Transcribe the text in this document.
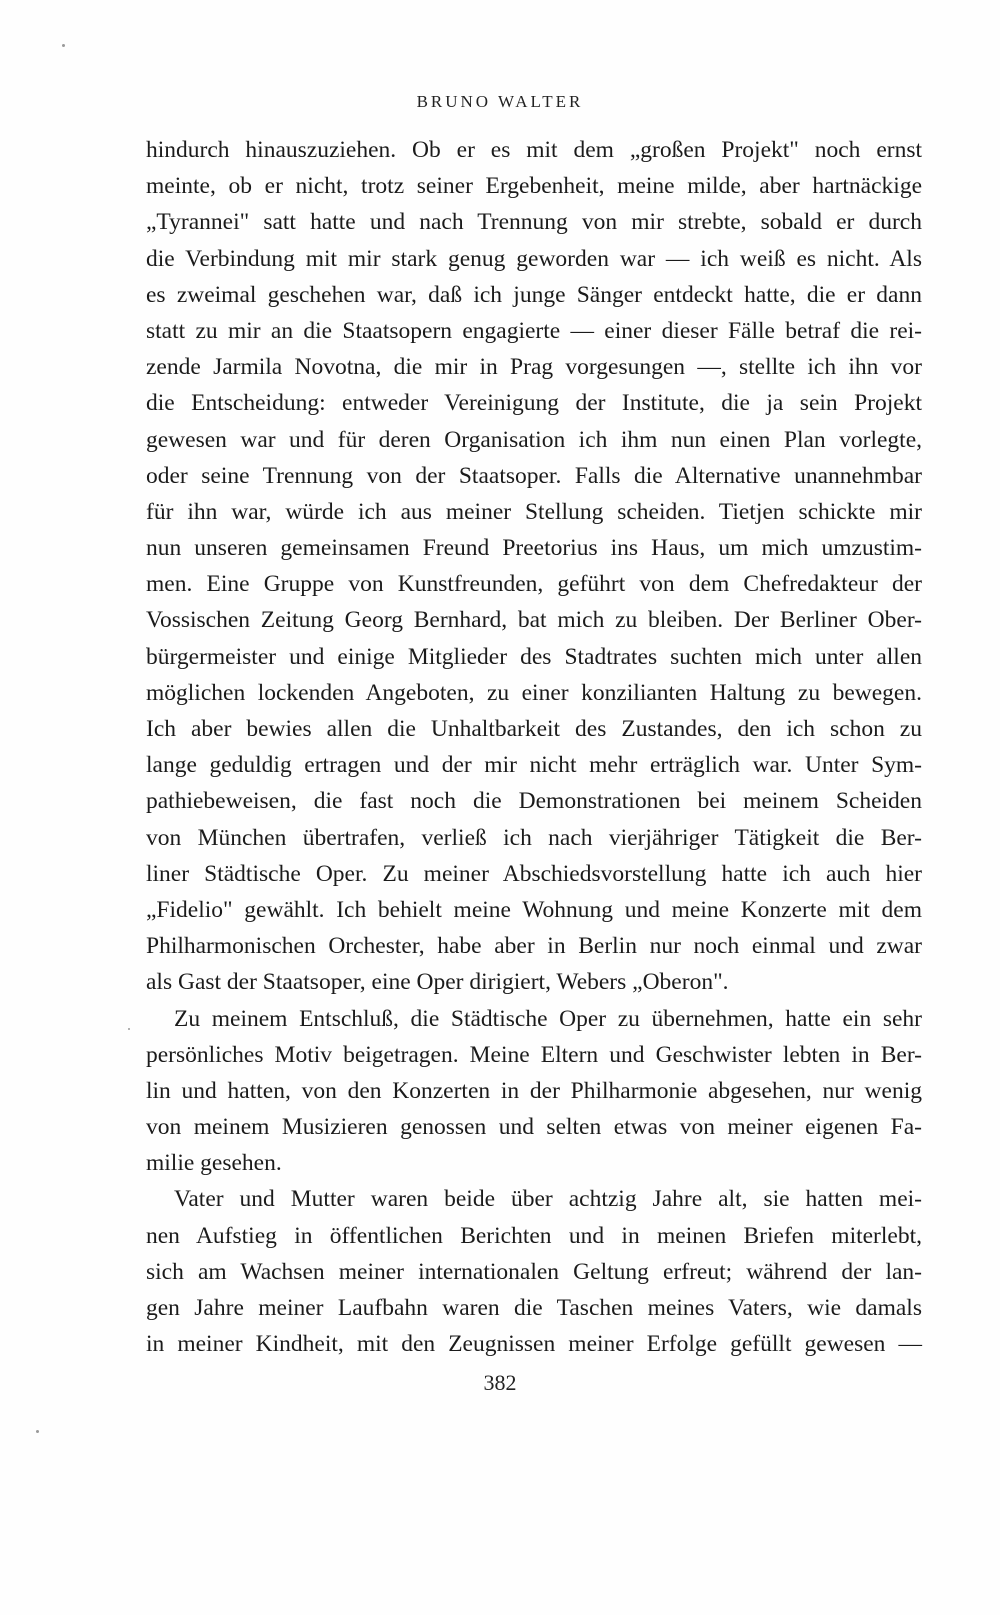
BRUNO WALTER
hindurch hinauszuziehen. Ob er es mit dem „großen Projekt" noch ernst
meinte, ob er nicht, trotz seiner Ergebenheit, meine milde, aber hartnäckige
„Tyrannei" satt hatte und nach Trennung von mir strebte, sobald er durch
die Verbindung mit mir stark genug geworden war — ich weiß es nicht. Als
es zweimal geschehen war, daß ich junge Sänger entdeckt hatte, die er dann
statt zu mir an die Staatsopern engagierte — einer dieser Fälle betraf die rei-
zende Jarmila Novotna, die mir in Prag vorgesungen —, stellte ich ihn vor
die Entscheidung: entweder Vereinigung der Institute, die ja sein Projekt
gewesen war und für deren Organisation ich ihm nun einen Plan vorlegte,
oder seine Trennung von der Staatsoper. Falls die Alternative unannehmbar
für ihn war, würde ich aus meiner Stellung scheiden. Tietjen schickte mir
nun unseren gemeinsamen Freund Preetorius ins Haus, um mich umzustim-
men. Eine Gruppe von Kunstfreunden, geführt von dem Chefredakteur der
Vossischen Zeitung Georg Bernhard, bat mich zu bleiben. Der Berliner Ober-
bürgermeister und einige Mitglieder des Stadtrates suchten mich unter allen
möglichen lockenden Angeboten, zu einer konzilianten Haltung zu bewegen.
Ich aber bewies allen die Unhaltbarkeit des Zustandes, den ich schon zu
lange geduldig ertragen und der mir nicht mehr erträglich war. Unter Sym-
pathiebeweisen, die fast noch die Demonstrationen bei meinem Scheiden
von München übertrafen, verließ ich nach vierjähriger Tätigkeit die Ber-
liner Städtische Oper. Zu meiner Abschiedsvorstellung hatte ich auch hier
„Fidelio" gewählt. Ich behielt meine Wohnung und meine Konzerte mit dem
Philharmonischen Orchester, habe aber in Berlin nur noch einmal und zwar
als Gast der Staatsoper, eine Oper dirigiert, Webers „Oberon".
Zu meinem Entschluß, die Städtische Oper zu übernehmen, hatte ein sehr
persönliches Motiv beigetragen. Meine Eltern und Geschwister lebten in Ber-
lin und hatten, von den Konzerten in der Philharmonie abgesehen, nur wenig
von meinem Musizieren genossen und selten etwas von meiner eigenen Fa-
milie gesehen.
Vater und Mutter waren beide über achtzig Jahre alt, sie hatten mei-
nen Aufstieg in öffentlichen Berichten und in meinen Briefen miterlebt,
sich am Wachsen meiner internationalen Geltung erfreut; während der lan-
gen Jahre meiner Laufbahn waren die Taschen meines Vaters, wie damals
in meiner Kindheit, mit den Zeugnissen meiner Erfolge gefüllt gewesen —
382
